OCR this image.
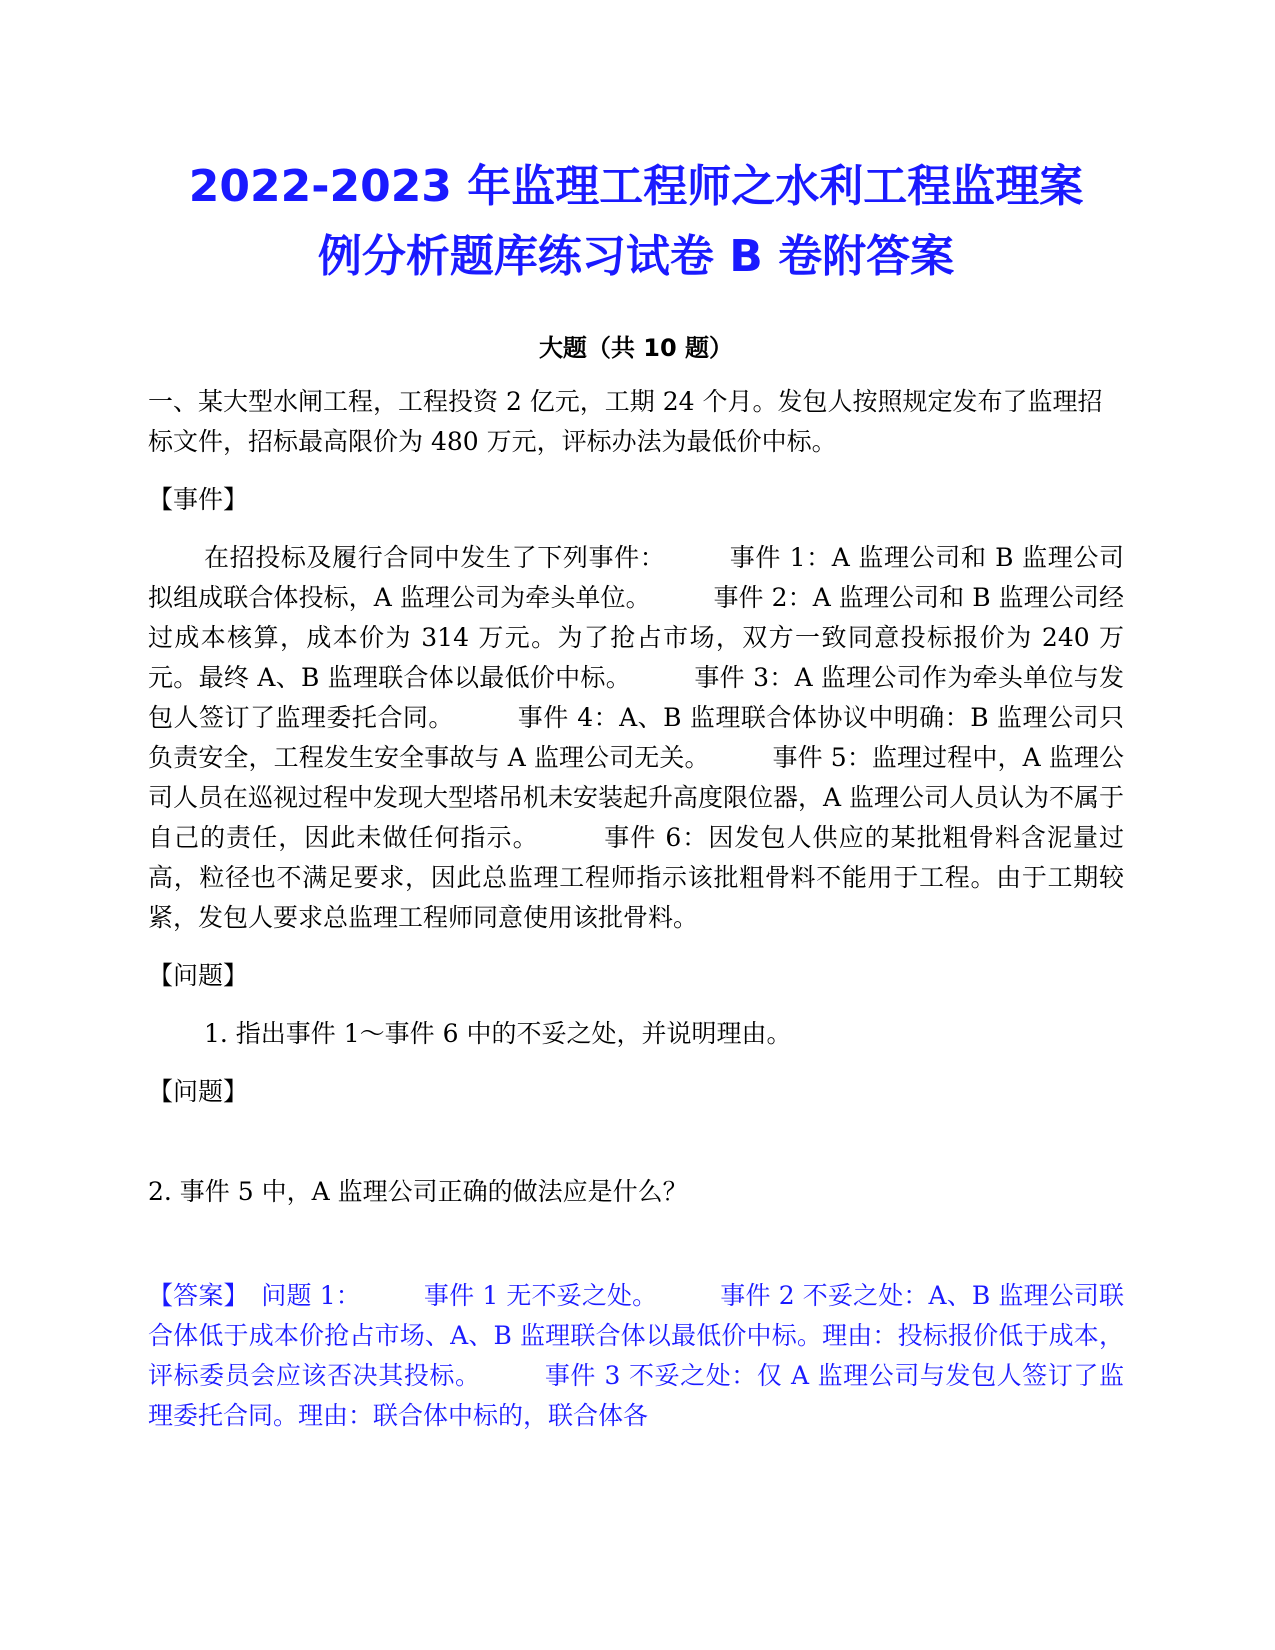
2022-2023 年监理工程师之水利工程监理案
例分析题库练习试卷 B 卷附答案
大题（共 10 题）

一、某大型水闸工程，工程投资 2 亿元，工期 24 个月。发包人按照规定发布了监理招标文件，招标最高限价为 480 万元，评标办法为最低价中标。

【事件】

在招投标及履行合同中发生了下列事件：　　　事件 1：A 监理公司和 B 监理公司拟组成联合体投标，A 监理公司为牵头单位。　　　事件 2：A 监理公司和 B 监理公司经过成本核算，成本价为 314 万元。为了抢占市场，双方一致同意投标报价为 240 万元。最终 A、B 监理联合体以最低价中标。　　　事件 3：A 监理公司作为牵头单位与发包人签订了监理委托合同。　　　事件 4：A、B 监理联合体协议中明确：B 监理公司只负责安全，工程发生安全事故与 A 监理公司无关。　　　事件 5：监理过程中，A 监理公司人员在巡视过程中发现大型塔吊机未安装起升高度限位器，A 监理公司人员认为不属于自己的责任，因此未做任何指示。　　　事件 6：因发包人供应的某批粗骨料含泥量过高，粒径也不满足要求，因此总监理工程师指示该批粗骨料不能用于工程。由于工期较紧，发包人要求总监理工程师同意使用该批骨料。

【问题】

1. 指出事件 1～事件 6 中的不妥之处，并说明理由。

【问题】

2. 事件 5 中，A 监理公司正确的做法应是什么？

【答案】　问题 1：　　　事件 1 无不妥之处。　　　事件 2 不妥之处：A、B 监理公司联合体低于成本价抢占市场、A、B 监理联合体以最低价中标。理由：投标报价低于成本，评标委员会应该否决其投标。　　　事件 3 不妥之处：仅 A 监理公司与发包人签订了监理委托合同。理由：联合体中标的，联合体各
